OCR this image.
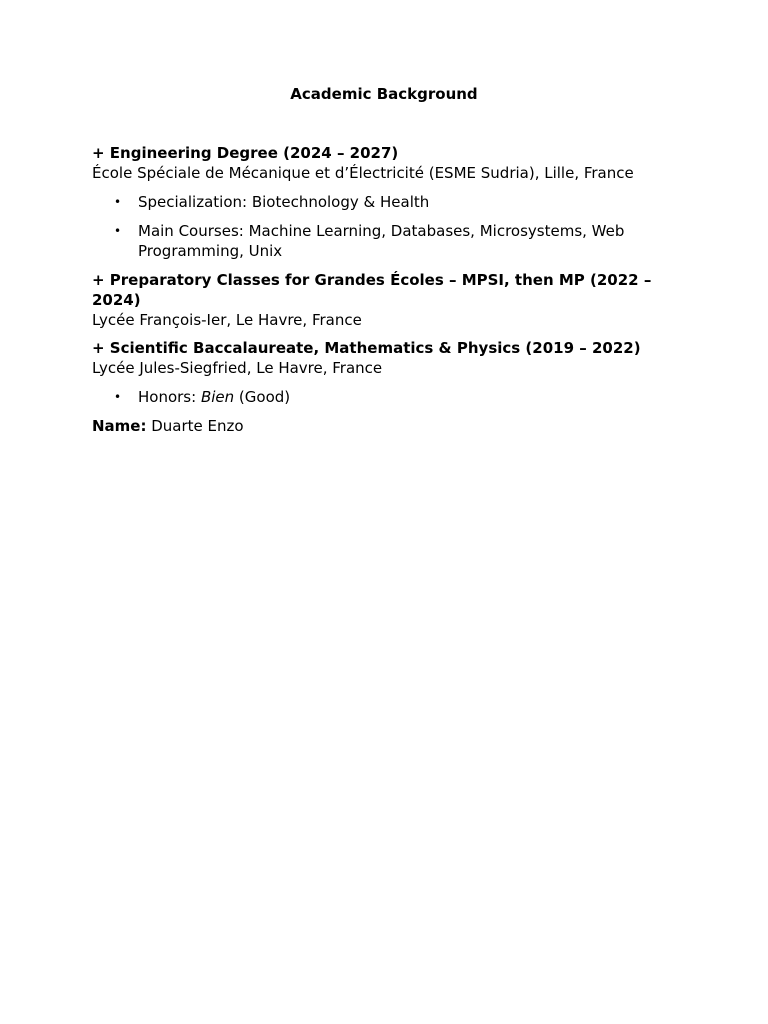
Academic Background

+ Engineering Degree (2024 – 2027)

École Spéciale de Mécanique et d’Électricité (ESME Sudria), Lille, France

• Specialization: Biotechnology & Health
• Main Courses: Machine Learning, Databases, Microsystems, Web Programming, Unix

+ Preparatory Classes for Grandes Écoles – MPSI, then MP (2022 – 2024)

Lycée François-Ier, Le Havre, France

+ Scientific Baccalaureate, Mathematics & Physics (2019 – 2022)

Lycée Jules-Siegfried, Le Havre, France

• Honors: Bien (Good)

Name: Duarte Enzo
